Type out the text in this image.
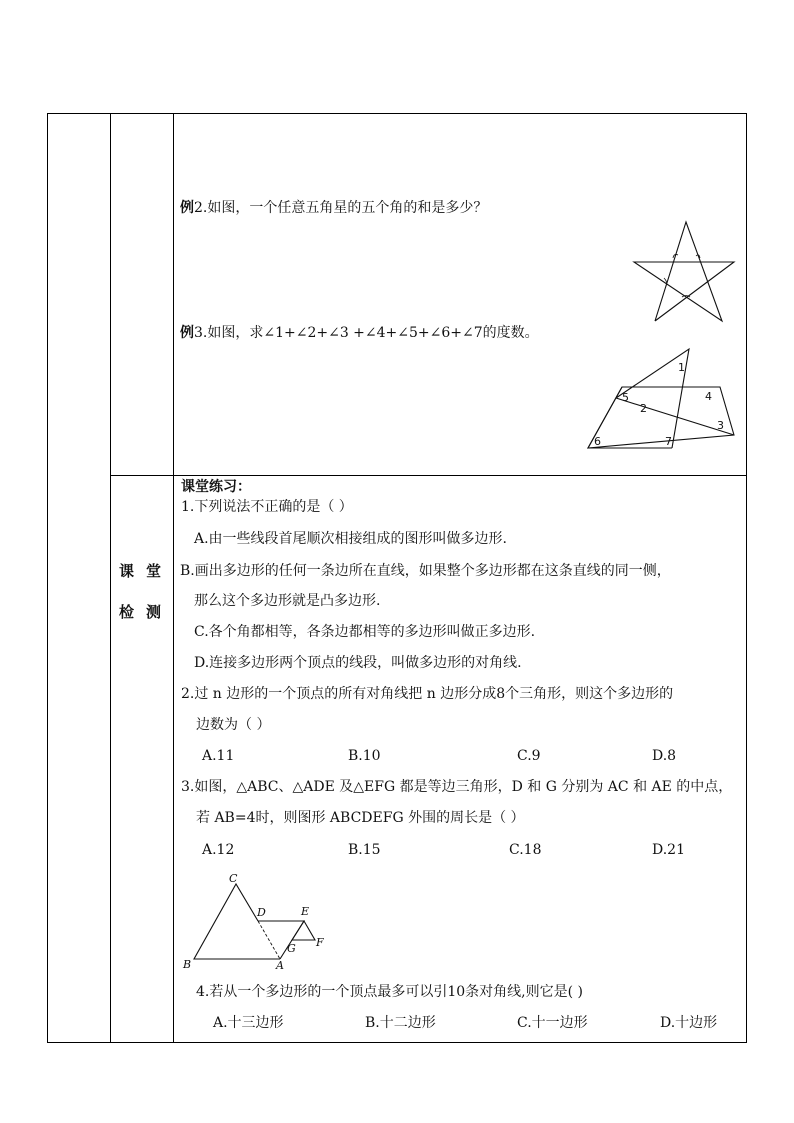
例2.如图，一个任意五角星的五个角的和是多少？
例3.如图，求∠1+∠2+∠3 +∠4+∠5+∠6+∠7的度数。
1
2
3
4
5
6	7
课堂
检测
课堂练习：
1.下列说法不正确的是（ ）
A.由一些线段首尾顺次相接组成的图形叫做多边形.
B.画出多边形的任何一条边所在直线，如果整个多边形都在这条直线的同一侧，
那么这个多边形就是凸多边形.
C.各个角都相等，各条边都相等的多边形叫做正多边形.
D.连接多边形两个顶点的线段，叫做多边形的对角线.
2.过 n 边形的一个顶点的所有对角线把 n 边形分成8个三角形，则这个多边形的
边数为（ ）
A.11	B.10	C.9	D.8
3.如图，△ABC、△ADE 及△EFG 都是等边三角形，D 和 G 分别为 AC 和 AE 的中点，
若 AB=4时，则图形 ABCDEFG 外围的周长是（ ）
A.12	B.15	C.18	D.21
C
D	E
F
G
B	A
4.若从一个多边形的一个顶点最多可以引10条对角线,则它是( )
A.十三边形	B.十二边形	C.十一边形	D.十边形
